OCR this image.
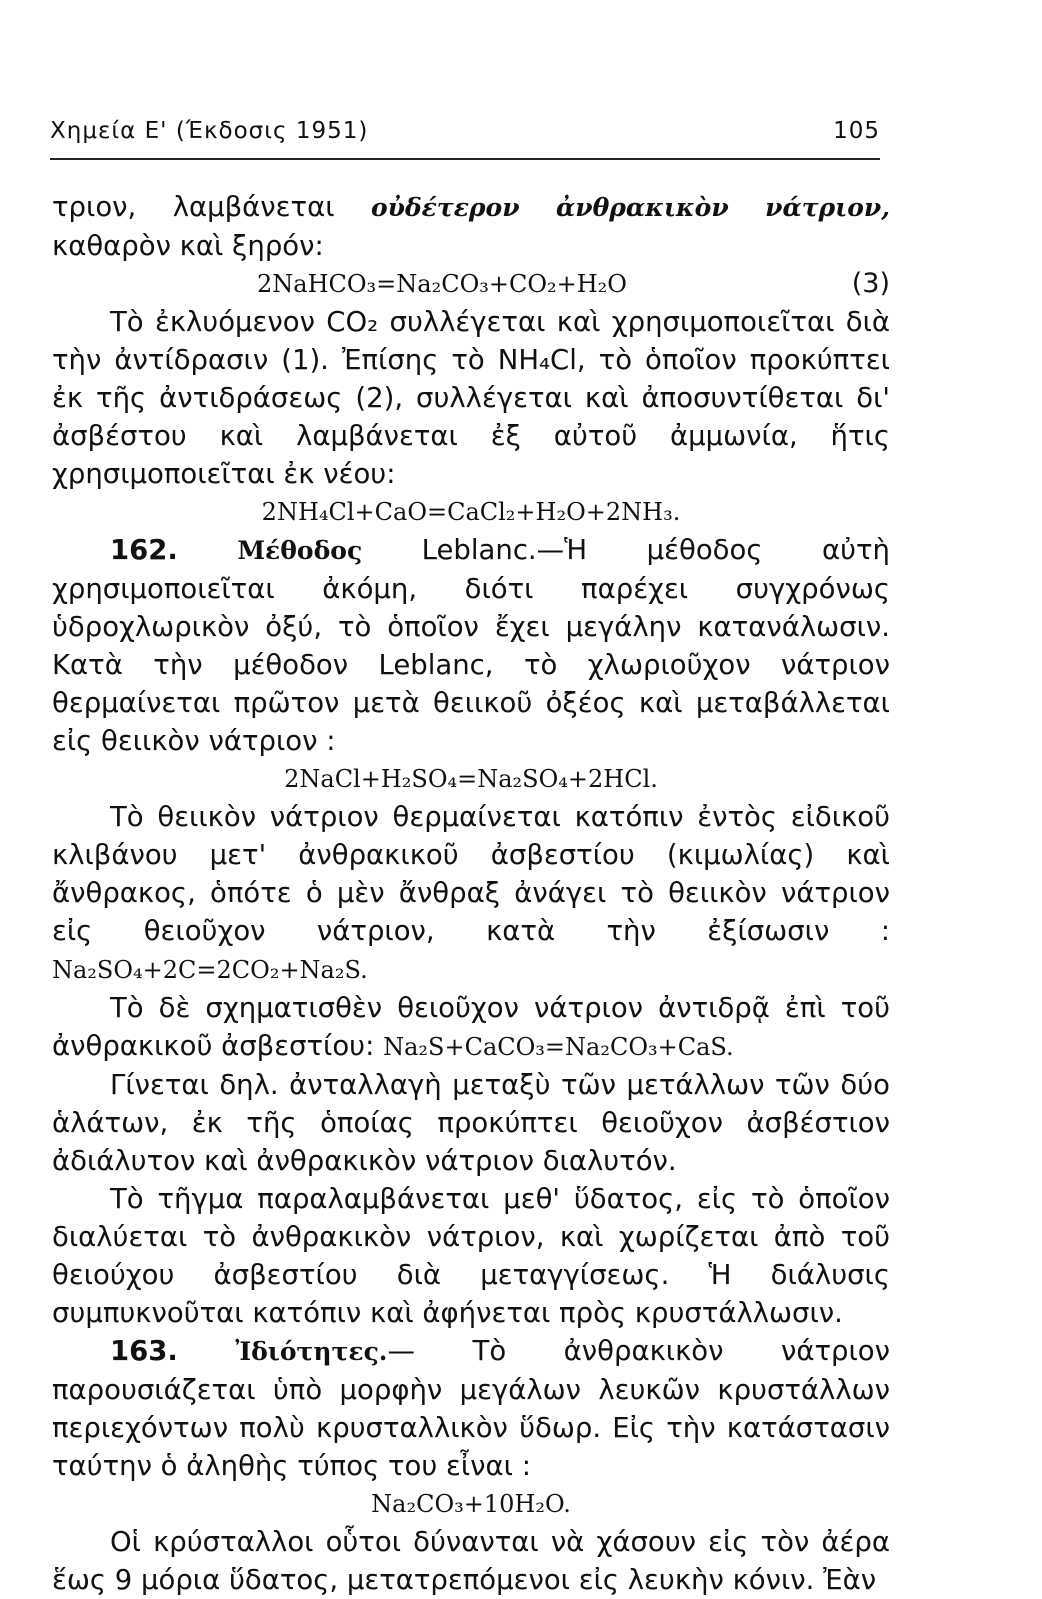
Χημεία Ε' (Έκδοσις 1951)	105

τριον, λαμβάνεται οὐδέτερον ἀνθρακικὸν νάτριον, καθαρὸν καὶ ξηρόν:

2NaHCO₃=Na₂CO₃+CO₂+H₂O	(3)

Τὸ ἐκλυόμενον CO₂ συλλέγεται καὶ χρησιμοποιεῖται διὰ τὴν ἀντίδρασιν (1). Ἐπίσης τὸ NH₄Cl, τὸ ὁποῖον προκύπτει ἐκ τῆς ἀντιδράσεως (2), συλλέγεται καὶ ἀποσυντίθεται δι' ἀσβέστου καὶ λαμβάνεται ἐξ αὐτοῦ ἀμμωνία, ἥτις χρησιμοποιεῖται ἐκ νέου:

2NH₄Cl+CaO=CaCl₂+H₂O+2NH₃.

162. Μέθοδος Leblanc.—Ἡ μέθοδος αὐτὴ χρησιμοποιεῖται ἀκόμη, διότι παρέχει συγχρόνως ὑδροχλωρικὸν ὀξύ, τὸ ὁποῖον ἔχει μεγάλην κατανάλωσιν. Κατὰ τὴν μέθοδον Leblanc, τὸ χλωριοῦχον νάτριον θερμαίνεται πρῶτον μετὰ θειικοῦ ὀξέος καὶ μεταβάλλεται εἰς θειικὸν νάτριον :

2NaCl+H₂SO₄=Na₂SO₄+2HCl.

Τὸ θειικὸν νάτριον θερμαίνεται κατόπιν ἐντὸς εἰδικοῦ κλιβάνου μετ' ἀνθρακικοῦ ἀσβεστίου (κιμωλίας) καὶ ἄνθρακος, ὁπότε ὁ μὲν ἄνθραξ ἀνάγει τὸ θειικὸν νάτριον εἰς θειοῦχον νάτριον, κατὰ τὴν ἐξίσωσιν : Na₂SO₄+2C=2CO₂+Na₂S.

Τὸ δὲ σχηματισθὲν θειοῦχον νάτριον ἀντιδρᾷ ἐπὶ τοῦ ἀνθρακικοῦ ἀσβεστίου: Na₂S+CaCO₃=Na₂CO₃+CaS.

Γίνεται δηλ. ἀνταλλαγὴ μεταξὺ τῶν μετάλλων τῶν δύο ἁλάτων, ἐκ τῆς ὁποίας προκύπτει θειοῦχον ἀσβέστιον ἀδιάλυτον καὶ ἀνθρακικὸν νάτριον διαλυτόν.

Τὸ τῆγμα παραλαμβάνεται μεθ' ὕδατος, εἰς τὸ ὁποῖον διαλύεται τὸ ἀνθρακικὸν νάτριον, καὶ χωρίζεται ἀπὸ τοῦ θειούχου ἀσβεστίου διὰ μεταγγίσεως. Ἡ διάλυσις συμπυκνοῦται κατόπιν καὶ ἀφήνεται πρὸς κρυστάλλωσιν.

163. Ἰδιότητες.— Τὸ ἀνθρακικὸν νάτριον παρουσιάζεται ὑπὸ μορφὴν μεγάλων λευκῶν κρυστάλλων περιεχόντων πολὺ κρυσταλλικὸν ὕδωρ. Εἰς τὴν κατάστασιν ταύτην ὁ ἀληθὴς τύπος του εἶναι :

Na₂CO₃+10H₂O.

Οἱ κρύσταλλοι οὗτοι δύνανται νὰ χάσουν εἰς τὸν ἀέρα ἕως 9 μόρια ὕδατος, μετατρεπόμενοι εἰς λευκὴν κόνιν. Ἐὰν
